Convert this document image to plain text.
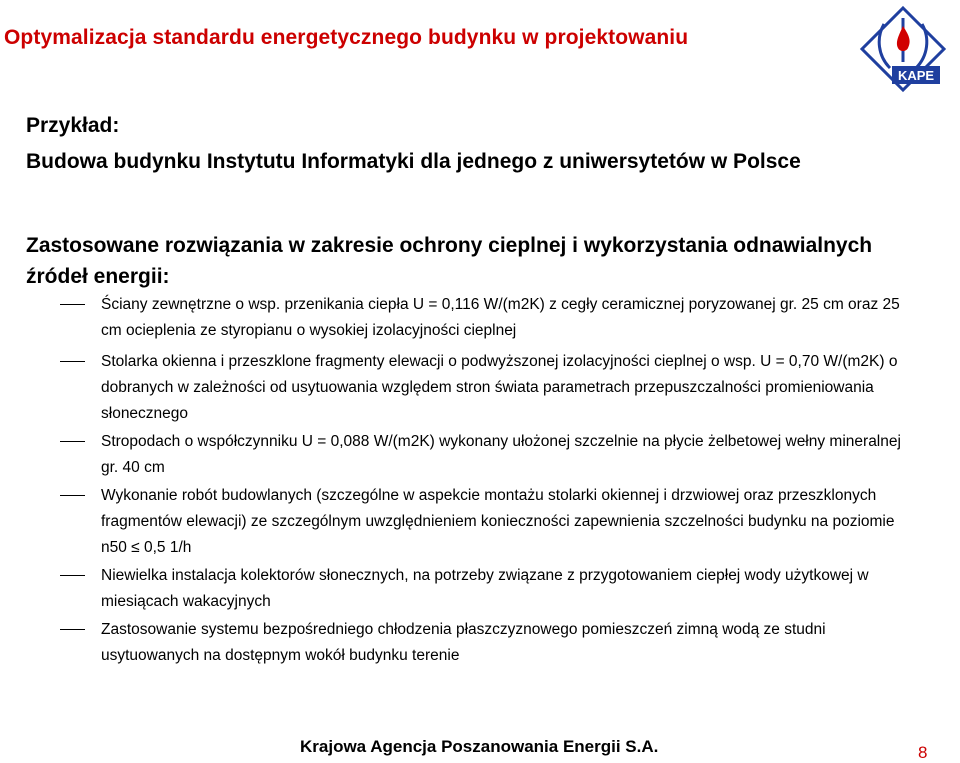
Optymalizacja standardu energetycznego budynku w projektowaniu
KAPE
Przykład:
Budowa budynku Instytutu Informatyki dla jednego z uniwersytetów w Polsce
Zastosowane rozwiązania w zakresie ochrony cieplnej i wykorzystania odnawialnych źródeł energii:
Ściany zewnętrzne o wsp. przenikania ciepła U = 0,116 W/(m2K) z cegły ceramicznej poryzowanej gr. 25 cm oraz 25 cm ocieplenia ze styropianu o wysokiej izolacyjności cieplnej
Stolarka okienna i przeszklone fragmenty elewacji o podwyższonej izolacyjności cieplnej o wsp. U = 0,70 W/(m2K) o dobranych w zależności od usytuowania względem stron świata parametrach przepuszczalności promieniowania słonecznego
Stropodach o współczynniku U = 0,088 W/(m2K) wykonany ułożonej szczelnie na płycie żelbetowej wełny mineralnej gr. 40 cm
Wykonanie robót budowlanych (szczególne w aspekcie montażu stolarki okiennej i drzwiowej oraz przeszklonych fragmentów elewacji) ze szczególnym uwzględnieniem konieczności zapewnienia szczelności budynku na poziomie n50 ≤ 0,5 1/h
Niewielka instalacja kolektorów słonecznych, na potrzeby związane z przygotowaniem ciepłej wody użytkowej w miesiącach wakacyjnych
Zastosowanie systemu bezpośredniego chłodzenia płaszczyznowego pomieszczeń zimną wodą ze studni usytuowanych na dostępnym wokół budynku terenie
Krajowa Agencja Poszanowania Energii S.A.	8
